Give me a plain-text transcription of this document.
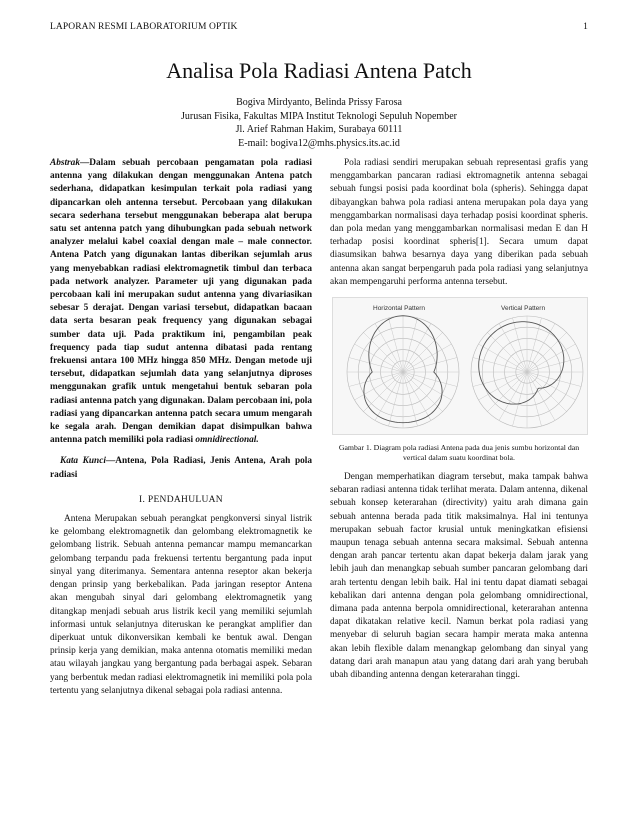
LAPORAN RESMI LABORATORIUM OPTIK	1
Analisa Pola Radiasi Antena Patch
Bogiva Mirdyanto, Belinda Prissy Farosa
Jurusan Fisika, Fakultas MIPA Institut Teknologi Sepuluh Nopember
Jl. Arief Rahman Hakim, Surabaya 60111
E-mail: bogiva12@mhs.physics.its.ac.id

Abstrak—Dalam sebuah percobaan pengamatan pola radiasi antenna yang dilakukan dengan menggunakan Antena patch sederhana, didapatkan kesimpulan terkait pola radiasi yang dipancarkan oleh antenna tersebut. Percobaan yang dilakukan secara sederhana tersebut menggunakan beberapa alat berupa satu set antenna patch yang dihubungkan pada sebuah network analyzer melalui kabel coaxial dengan male – male connector. Antena Patch yang digunakan lantas diberikan sejumlah arus yang menyebabkan radiasi elektromagnetik timbul dan terbaca pada network analyzer. Parameter uji yang digunakan pada percobaan kali ini merupakan sudut antenna yang divariasikan sebesar 5 derajat. Dengan variasi tersebut, didapatkan bacaan data serta besaran peak frequency yang digunakan sebagai sumber data uji. Pada praktikum ini, pengambilan peak frequency pada tiap sudut antenna dibatasi pada rentang frekuensi antara 100 MHz hingga 850 MHz. Dengan metode uji tersebut, didapatkan sejumlah data yang selanjutnya diproses menggunakan grafik untuk mengetahui bentuk sebaran pola radiasi antenna patch yang digunakan. Dalam percobaan ini, pola radiasi yang dipancarkan antenna patch secara umum mengarah ke segala arah. Dengan demikian dapat disimpulkan bahwa antenna patch memiliki pola radiasi omnidirectional.

Kata Kunci—Antena, Pola Radiasi, Jenis Antena, Arah pola radiasi

I. PENDAHULUAN

Antena Merupakan sebuah perangkat pengkonversi sinyal listrik ke gelombang elektromagnetik dan gelombang elektromagnetik ke gelombang listrik. Sebuah antenna pemancar mampu memancarkan gelombang terpandu pada frekuensi tertentu bergantung pada input sinyal yang diterimanya. Sementara antenna reseptor akan bekerja dengan prinsip yang berkebalikan. Pada jaringan reseptor Antena akan mengubah sinyal dari gelombang elektromagnetik yang ditangkap menjadi sebuah arus listrik kecil yang memiliki sejumlah informasi untuk selanjutnya diteruskan ke perangkat amplifier dan diperkuat untuk dikonversikan kembali ke bentuk awal. Dengan prinsip kerja yang demikian, maka antenna otomatis memiliki medan atau wilayah jangkau yang bergantung pada berbagai aspek. Sebaran yang berbentuk medan radiasi elektromagnetik ini memiliki pola pola tertentu yang selanjutnya dikenal sebagai pola radiasi antenna.

Pola radiasi sendiri merupakan sebuah representasi grafis yang menggambarkan pancaran radiasi ektromagnetik antenna sebagai sebuah fungsi posisi pada koordinat bola (spheris). Sehingga dapat dibayangkan bahwa pola radiasi antena merupakan pola daya yang menggambarkan normalisasi daya terhadap posisi koordinat spheris. dan pola medan yang menggambarkan normalisasi medan E dan H terhadap posisi koordinat spheris[1]. Secara umum dapat diasumsikan bahwa besarnya daya yang diberikan pada sebuah antenna akan sangat berpengaruh pada pola radiasi yang selanjutnya akan mempengaruhi performa antenna tersebut.

Horizontal Pattern	Vertical Pattern
Gambar 1. Diagram pola radiasi Antena pada dua jenis sumbu horizontal dan vertical dalam suatu koordinat bola.

Dengan memperhatikan diagram tersebut, maka tampak bahwa sebaran radiasi antenna tidak terlihat merata. Dalam antenna, dikenal sebuah konsep keterarahan (directivity) yaitu arah dimana gain sebuah antenna berada pada titik maksimalnya. Hal ini tentunya merupakan sebuah factor krusial untuk meningkatkan efisiensi maupun tenaga sebuah antenna secara maksimal. Sebuah antenna dengan arah pancar tertentu akan dapat bekerja dalam jarak yang lebih jauh dan menangkap sebuah sumber pancaran gelombang dari arah tertentu dengan lebih baik. Hal ini tentu dapat diamati sebagai kebalikan dari antenna dengan pola gelombang omnidirectional, dimana pada antenna berpola omnidirectional, keterarahan antenna dapat dikatakan relative kecil. Namun berkat pola radiasi yang menyebar di seluruh bagian secara hampir merata maka antenna akan lebih flexible dalam menangkap gelombang dan sinyal yang datang dari arah manapun atau yang datang dari arah yang berubah ubah dibanding antenna dengan keterarahan tinggi.
